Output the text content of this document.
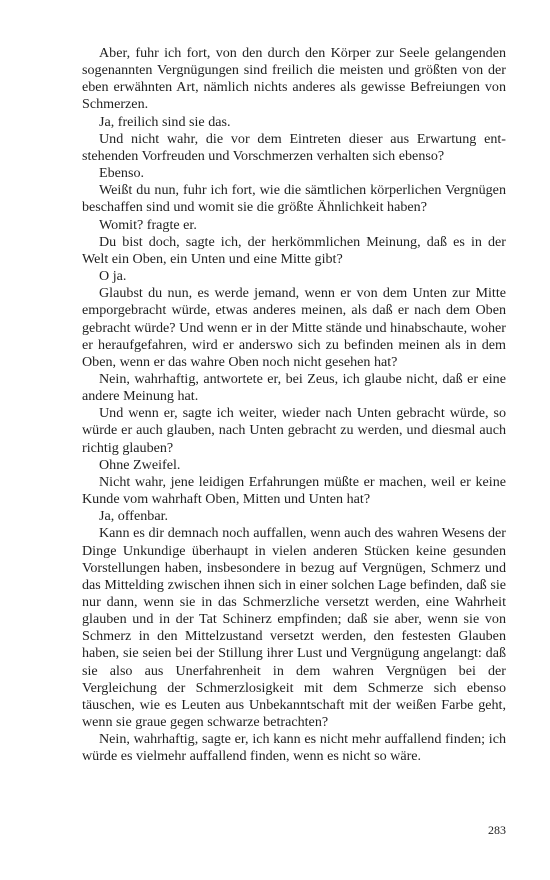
Aber, fuhr ich fort, von den durch den Körper zur Seele gelangenden sogenannten Vergnügungen sind freilich die meisten und größten von der eben erwähnten Art, nämlich nichts anderes als gewisse Befreiungen von Schmerzen.

Ja, freilich sind sie das.

Und nicht wahr, die vor dem Eintreten dieser aus Erwartung entstehenden Vorfreuden und Vorschmerzen verhalten sich ebenso?

Ebenso.

Weißt du nun, fuhr ich fort, wie die sämtlichen körperlichen Vergnügen beschaffen sind und womit sie die größte Ähnlichkeit haben?

Womit? fragte er.

Du bist doch, sagte ich, der herkömmlichen Meinung, daß es in der Welt ein Oben, ein Unten und eine Mitte gibt?

O ja.

Glaubst du nun, es werde jemand, wenn er von dem Unten zur Mitte emporgebracht würde, etwas anderes meinen, als daß er nach dem Oben gebracht würde? Und wenn er in der Mitte stände und hinabschaute, woher er heraufgefahren, wird er anderswo sich zu befinden meinen als in dem Oben, wenn er das wahre Oben noch nicht gesehen hat?

Nein, wahrhaftig, antwortete er, bei Zeus, ich glaube nicht, daß er eine andere Meinung hat.

Und wenn er, sagte ich weiter, wieder nach Unten gebracht würde, so würde er auch glauben, nach Unten gebracht zu werden, und diesmal auch richtig glauben?

Ohne Zweifel.

Nicht wahr, jene leidigen Erfahrungen müßte er machen, weil er keine Kunde vom wahrhaft Oben, Mitten und Unten hat?

Ja, offenbar.

Kann es dir demnach noch auffallen, wenn auch des wahren Wesens der Dinge Unkundige überhaupt in vielen anderen Stücken keine gesunden Vorstellungen haben, insbesondere in bezug auf Vergnügen, Schmerz und das Mittelding zwischen ihnen sich in einer solchen Lage befinden, daß sie nur dann, wenn sie in das Schmerzliche versetzt werden, eine Wahrheit glauben und in der Tat Schinerz empfinden; daß sie aber, wenn sie von Schmerz in den Mittelzustand versetzt werden, den festesten Glauben haben, sie seien bei der Stillung ihrer Lust und Vergnügung angelangt: daß sie also aus Unerfahrenheit in dem wahren Vergnügen bei der Vergleichung der Schmerzlosigkeit mit dem Schmerze sich ebenso täuschen, wie es Leuten aus Unbekanntschaft mit der weißen Farbe geht, wenn sie graue gegen schwarze betrachten?

Nein, wahrhaftig, sagte er, ich kann es nicht mehr auffallend finden; ich würde es vielmehr auffallend finden, wenn es nicht so wäre.

283
